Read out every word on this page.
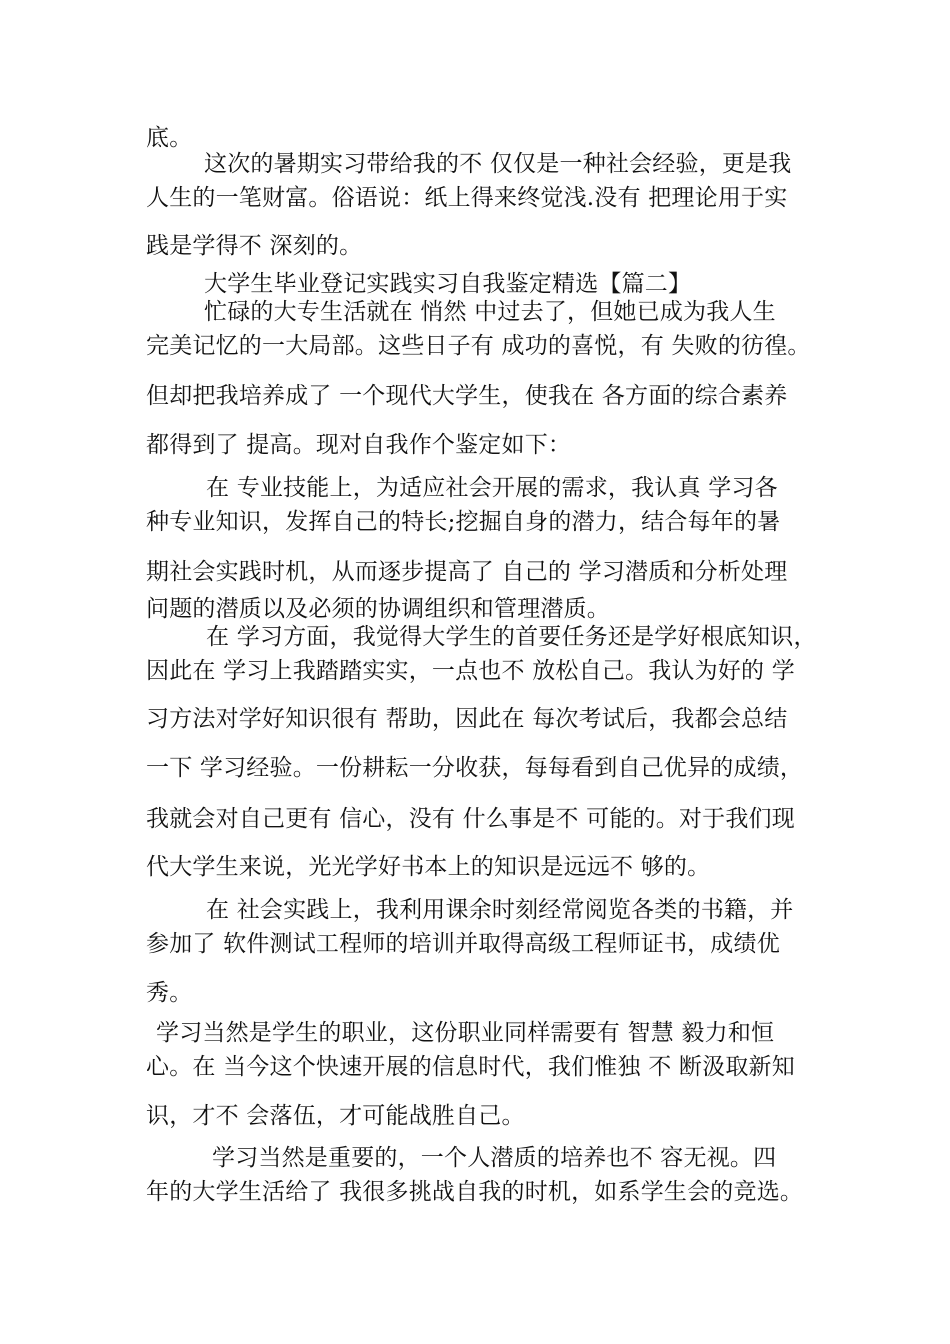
底。
这次的暑期实习带给我的不 仅仅是一种社会经验，更是我
人生的一笔财富。俗语说：纸上得来终觉浅.没有 把理论用于实
践是学得不 深刻的。
大学生毕业登记实践实习自我鉴定精选【篇二】
忙碌的大专生活就在 悄然 中过去了，但她已成为我人生
完美记忆的一大局部。这些日子有 成功的喜悦，有 失败的彷徨。
但却把我培养成了 一个现代大学生，使我在 各方面的综合素养
都得到了 提高。现对自我作个鉴定如下：
在 专业技能上，为适应社会开展的需求，我认真 学习各
种专业知识，发挥自己的特长;挖掘自身的潜力，结合每年的暑
期社会实践时机，从而逐步提高了 自己的 学习潜质和分析处理
问题的潜质以及必须的协调组织和管理潜质。
在 学习方面，我觉得大学生的首要任务还是学好根底知识，
因此在 学习上我踏踏实实，一点也不 放松自己。我认为好的 学
习方法对学好知识很有 帮助，因此在 每次考试后，我都会总结
一下 学习经验。一份耕耘一分收获，每每看到自己优异的成绩，
我就会对自己更有 信心，没有 什么事是不 可能的。对于我们现
代大学生来说，光光学好书本上的知识是远远不 够的。
在 社会实践上，我利用课余时刻经常阅览各类的书籍，并
参加了 软件测试工程师的培训并取得高级工程师证书，成绩优
秀。
学习当然是学生的职业，这份职业同样需要有 智慧 毅力和恒
心。在 当今这个快速开展的信息时代，我们惟独 不 断汲取新知
识，才不 会落伍，才可能战胜自己。
学习当然是重要的，一个人潜质的培养也不 容无视。四
年的大学生活给了 我很多挑战自我的时机，如系学生会的竞选。
